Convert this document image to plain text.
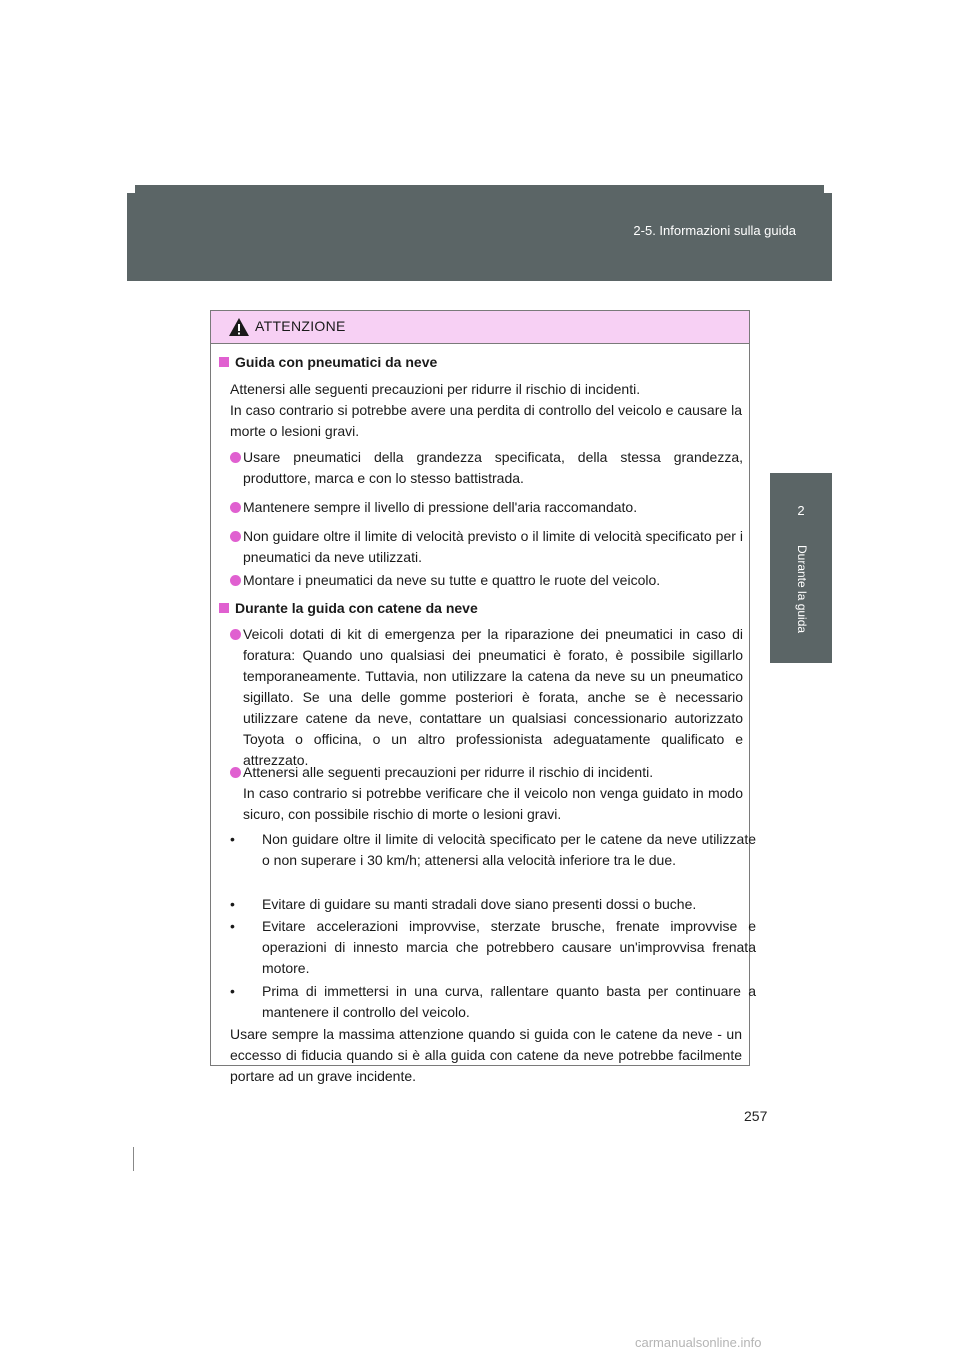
2-5. Informazioni sulla guida
2
Durante la guida
ATTENZIONE
Guida con pneumatici da neve

Attenersi alle seguenti precauzioni per ridurre il rischio di incidenti.

In caso contrario si potrebbe avere una perdita di controllo del veicolo e causare la morte o lesioni gravi.

Usare pneumatici della grandezza specificata, della stessa grandezza, produttore, marca e con lo stesso battistrada.

Mantenere sempre il livello di pressione dell'aria raccomandato.

Non guidare oltre il limite di velocità previsto o il limite di velocità specificato per i pneumatici da neve utilizzati.

Montare i pneumatici da neve su tutte e quattro le ruote del veicolo.

Durante la guida con catene da neve

Veicoli dotati di kit di emergenza per la riparazione dei pneumatici in caso di foratura: Quando uno qualsiasi dei pneumatici è forato, è possibile sigillarlo temporaneamente. Tuttavia, non utilizzare la catena da neve su un pneumatico sigillato. Se una delle gomme posteriori è forata, anche se è necessario utilizzare catene da neve, contattare un qualsiasi concessionario autorizzato Toyota o officina, o un altro professionista adeguatamente qualificato e attrezzato.

Attenersi alle seguenti precauzioni per ridurre il rischio di incidenti.

In caso contrario si potrebbe verificare che il veicolo non venga guidato in modo sicuro, con possibile rischio di morte o lesioni gravi.

•	Non guidare oltre il limite di velocità specificato per le catene da neve utilizzate o non superare i 30 km/h; attenersi alla velocità inferiore tra le due.
•	Evitare di guidare su manti stradali dove siano presenti dossi o buche.
•	Evitare accelerazioni improvvise, sterzate brusche, frenate improvvise e operazioni di innesto marcia che potrebbero causare un'improvvisa frenata motore.
•	Prima di immettersi in una curva, rallentare quanto basta per continuare a mantenere il controllo del veicolo.

Usare sempre la massima attenzione quando si guida con le catene da neve - un eccesso di fiducia quando si è alla guida con catene da neve potrebbe facilmente portare ad un grave incidente.

257
carmanualsonline.info
